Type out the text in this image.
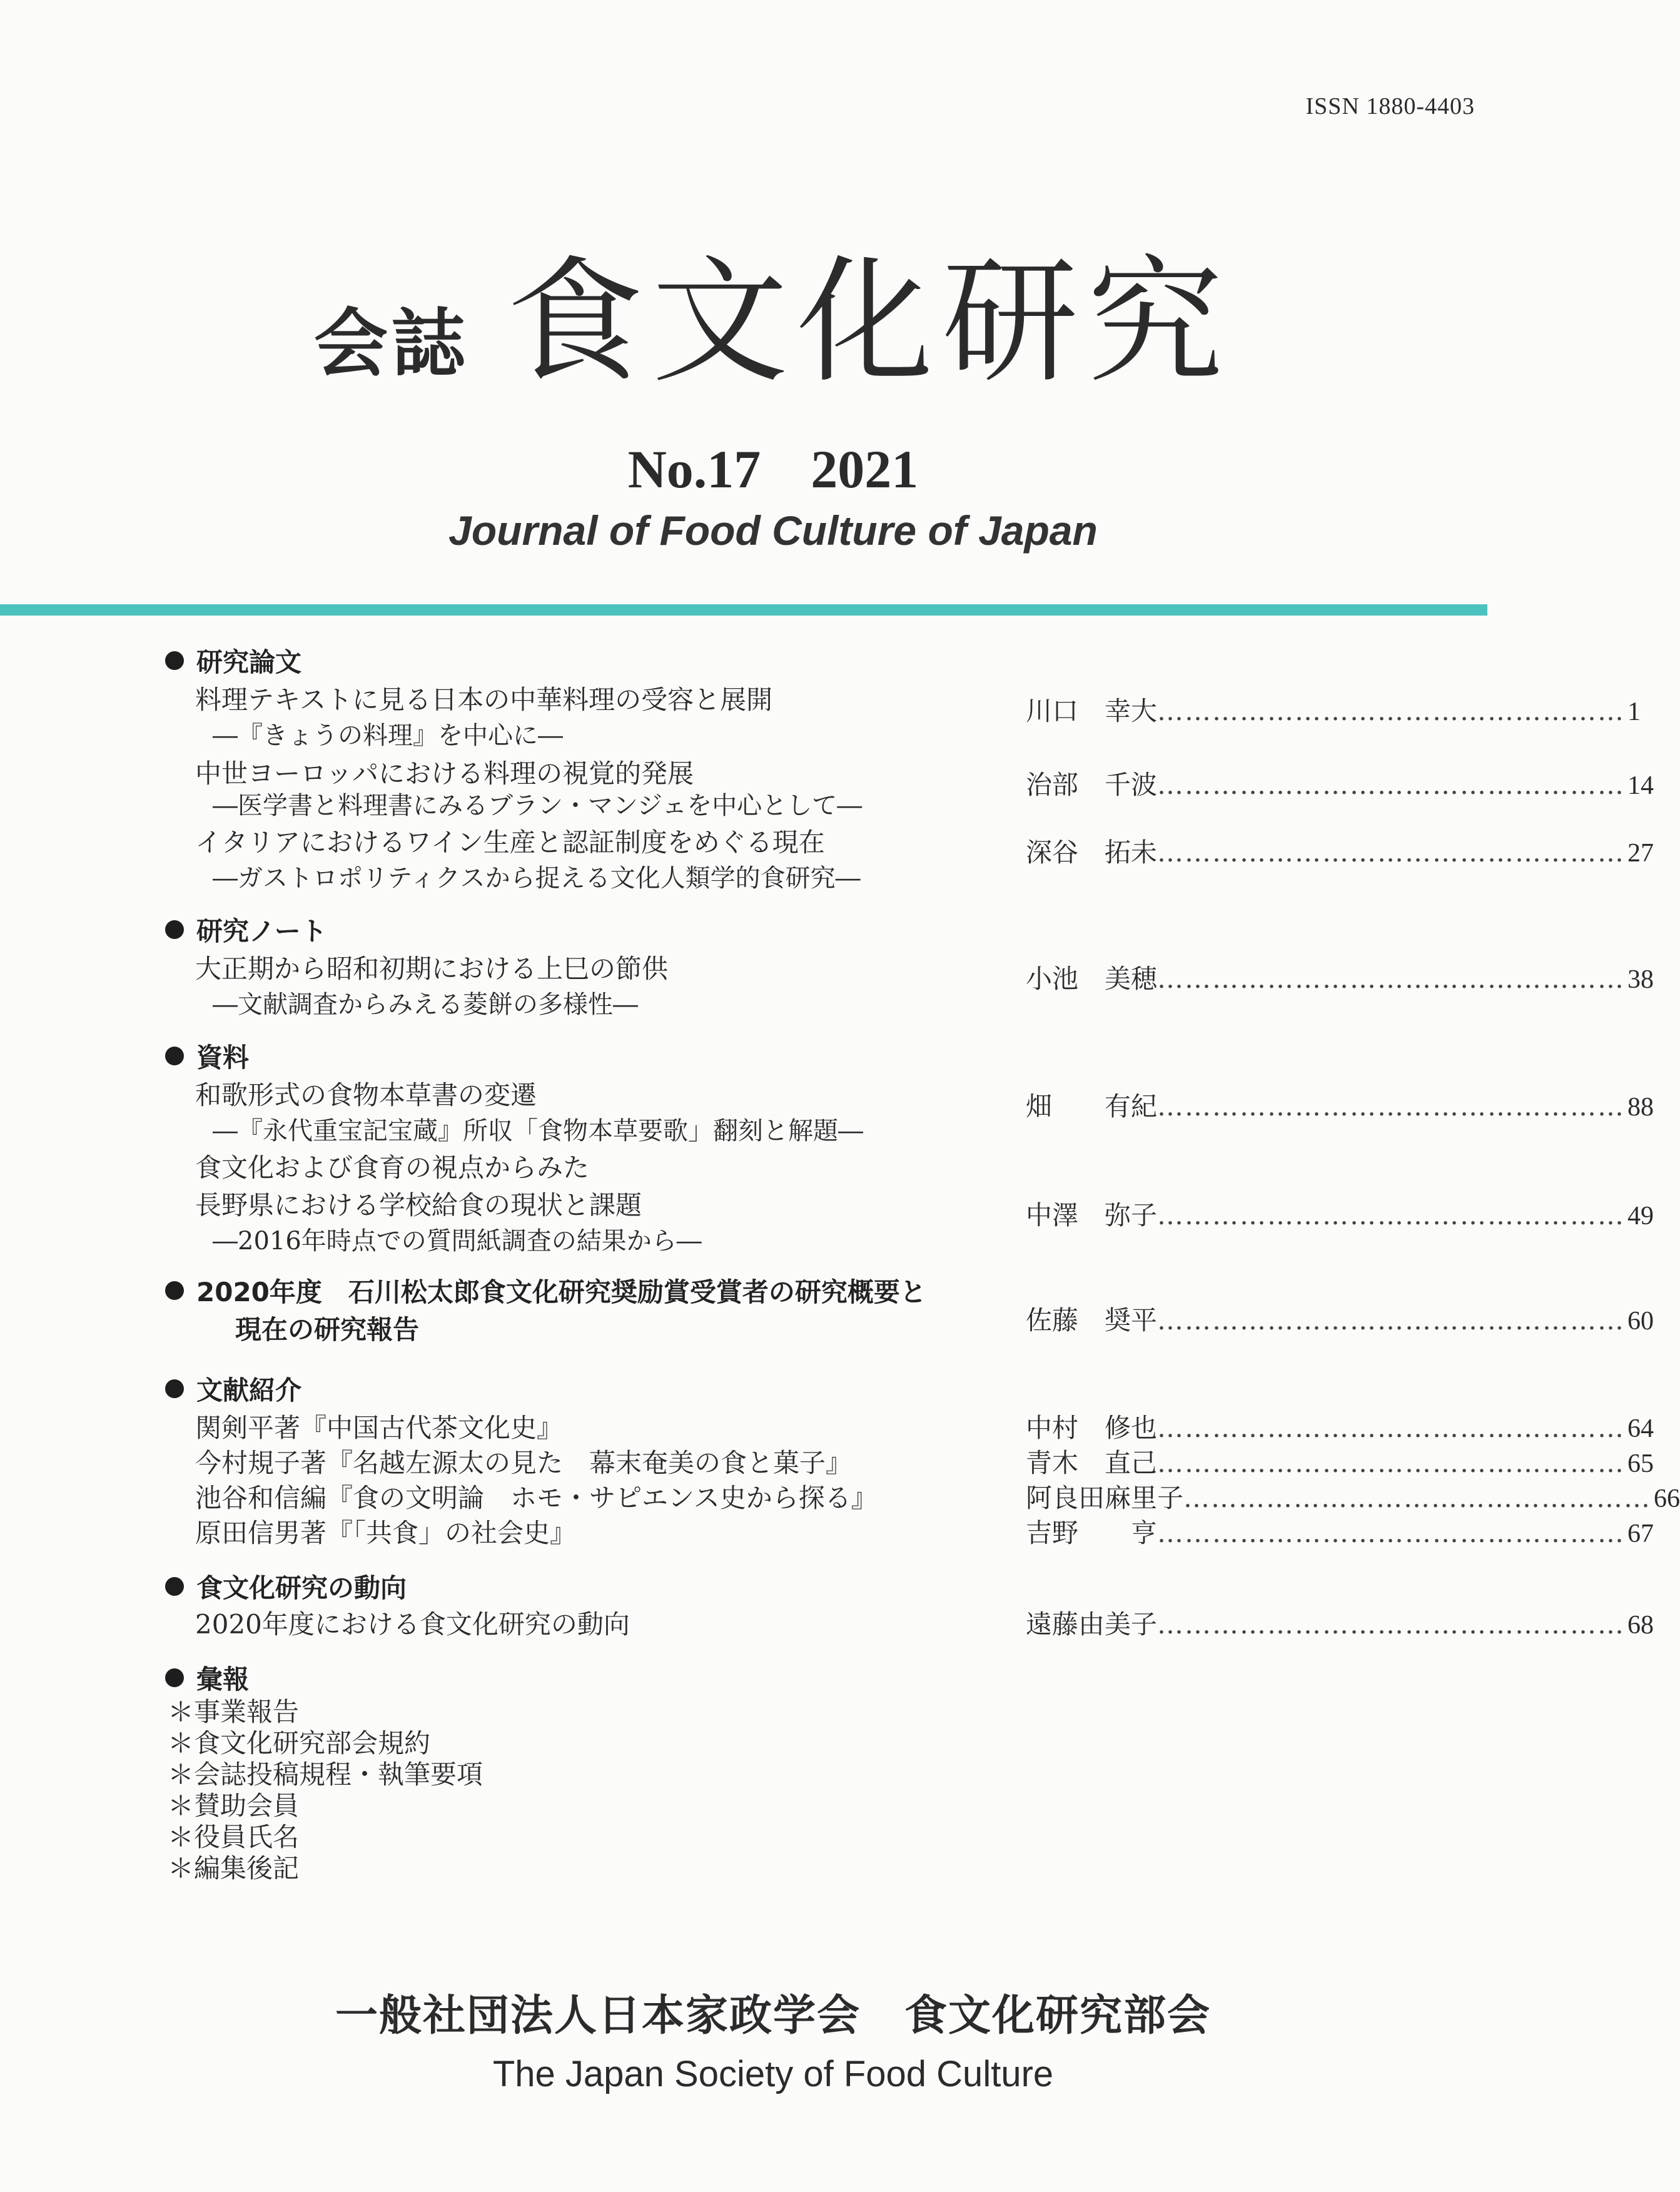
ISSN 1880-4403
会誌 食文化研究
No.17 2021
Journal of Food Culture of Japan
研究論文
料理テキストに見る日本の中華料理の受容と展開
―『きょうの料理』を中心に―
川口　幸大 …………………………………………… 1
中世ヨーロッパにおける料理の視覚的発展
―医学書と料理書にみるブラン・マンジェを中心として―
治部　千波 …………………………………………… 14
イタリアにおけるワイン生産と認証制度をめぐる現在
―ガストロポリティクスから捉える文化人類学的食研究―
深谷　拓未 …………………………………………… 27
研究ノート
大正期から昭和初期における上巳の節供
―文献調査からみえる菱餅の多様性―
小池　美穂 …………………………………………… 38
資料
和歌形式の食物本草書の変遷
―『永代重宝記宝蔵』所収「食物本草要歌」翻刻と解題―
畑　　有紀 …………………………………………… 88
食文化および食育の視点からみた
長野県における学校給食の現状と課題
―2016年時点での質問紙調査の結果から―
中澤　弥子 …………………………………………… 49
2020年度　石川松太郎食文化研究奨励賞受賞者の研究概要と
現在の研究報告	佐藤　奨平 …………………………………………… 60
文献紹介
関剣平著『中国古代茶文化史』	中村　修也 …………………………………………… 64
今村規子著『名越左源太の見た　幕末奄美の食と菓子』	青木　直己 …………………………………………… 65
池谷和信編『食の文明論　ホモ・サピエンス史から探る』	阿良田麻里子 …………………………………………… 66
原田信男著『「共食」の社会史』	吉野　　亨 …………………………………………… 67
食文化研究の動向
2020年度における食文化研究の動向	遠藤由美子 …………………………………………… 68
彙報
＊事業報告
＊食文化研究部会規約
＊会誌投稿規程・執筆要項
＊賛助会員
＊役員氏名
＊編集後記
一般社団法人日本家政学会 食文化研究部会
The Japan Society of Food Culture
